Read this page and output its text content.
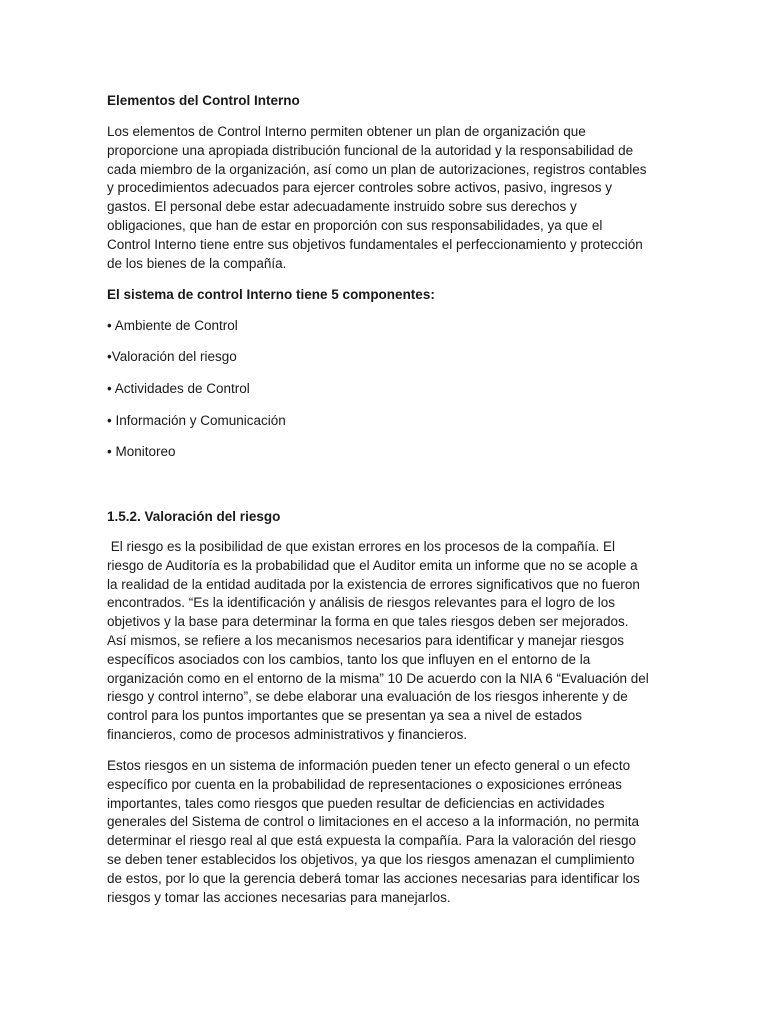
Elementos del Control Interno
Los elementos de Control Interno permiten obtener un plan de organización que
proporcione una apropiada distribución funcional de la autoridad y la responsabilidad de
cada miembro de la organización, así como un plan de autorizaciones, registros contables
y procedimientos adecuados para ejercer controles sobre activos, pasivo, ingresos y
gastos. El personal debe estar adecuadamente instruido sobre sus derechos y
obligaciones, que han de estar en proporción con sus responsabilidades, ya que el
Control Interno tiene entre sus objetivos fundamentales el perfeccionamiento y protección
de los bienes de la compañía.
El sistema de control Interno tiene 5 componentes:
• Ambiente de Control
•Valoración del riesgo
• Actividades de Control
• Información y Comunicación
• Monitoreo
1.5.2. Valoración del riesgo
El riesgo es la posibilidad de que existan errores en los procesos de la compañía. El
riesgo de Auditoría es la probabilidad que el Auditor emita un informe que no se acople a
la realidad de la entidad auditada por la existencia de errores significativos que no fueron
encontrados. “Es la identificación y análisis de riesgos relevantes para el logro de los
objetivos y la base para determinar la forma en que tales riesgos deben ser mejorados.
Así mismos, se refiere a los mecanismos necesarios para identificar y manejar riesgos
específicos asociados con los cambios, tanto los que influyen en el entorno de la
organización como en el entorno de la misma” 10 De acuerdo con la NIA 6 “Evaluación del
riesgo y control interno”, se debe elaborar una evaluación de los riesgos inherente y de
control para los puntos importantes que se presentan ya sea a nivel de estados
financieros, como de procesos administrativos y financieros.
Estos riesgos en un sistema de información pueden tener un efecto general o un efecto
específico por cuenta en la probabilidad de representaciones o exposiciones erróneas
importantes, tales como riesgos que pueden resultar de deficiencias en actividades
generales del Sistema de control o limitaciones en el acceso a la información, no permita
determinar el riesgo real al que está expuesta la compañía. Para la valoración del riesgo
se deben tener establecidos los objetivos, ya que los riesgos amenazan el cumplimiento
de estos, por lo que la gerencia deberá tomar las acciones necesarias para identificar los
riesgos y tomar las acciones necesarias para manejarlos.
